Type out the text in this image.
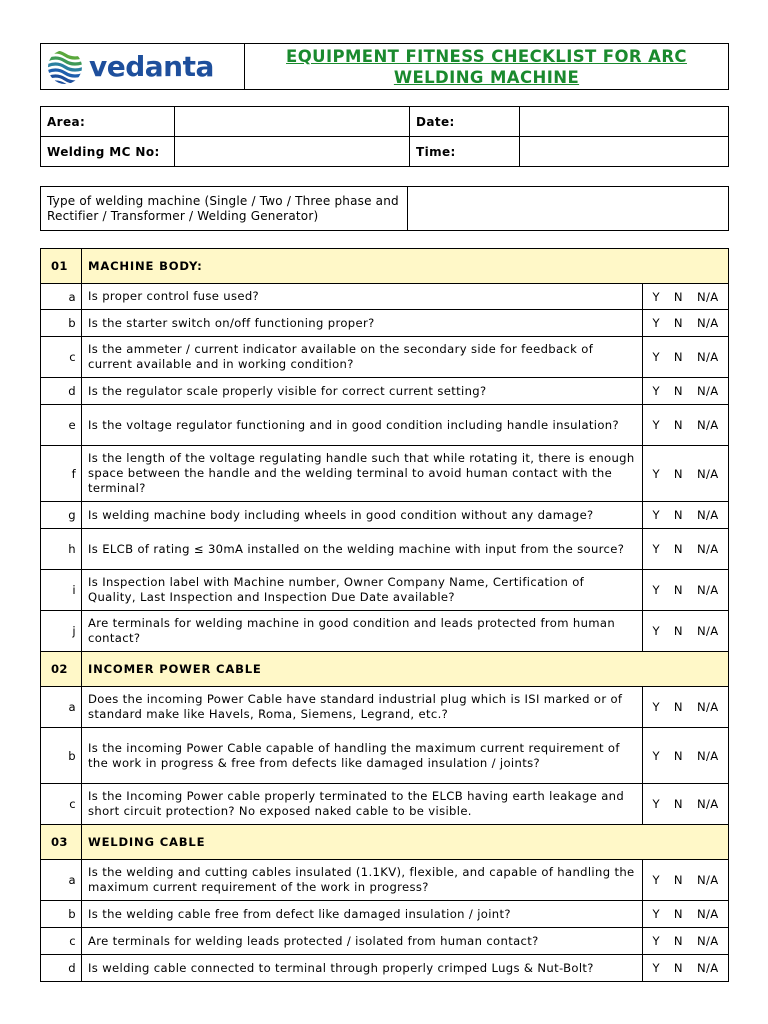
vedanta	EQUIPMENT FITNESS CHECKLIST FOR ARC
WELDING MACHINE
Area:		Date:	
Welding MC No:		Time:	
Type of welding machine (Single / Two / Three phase and Rectifier / Transformer / Welding Generator)	
01	MACHINE BODY:	
a	Is proper control fuse used?	Y N N/A
b	Is the starter switch on/off functioning proper?	Y N N/A
c	Is the ammeter / current indicator available on the secondary side for feedback of current available and in working condition?	Y N N/A
d	Is the regulator scale properly visible for correct current setting?	Y N N/A
e	Is the voltage regulator functioning and in good condition including handle insulation?	Y N N/A
f	Is the length of the voltage regulating handle such that while rotating it, there is enough space between the handle and the welding terminal to avoid human contact with the terminal?	Y N N/A
g	Is welding machine body including wheels in good condition without any damage?	Y N N/A
h	Is ELCB of rating ≤ 30mA installed on the welding machine with input from the source?	Y N N/A
i	Is Inspection label with Machine number, Owner Company Name, Certification of Quality, Last Inspection and Inspection Due Date available?	Y N N/A
j	Are terminals for welding machine in good condition and leads protected from human contact?	Y N N/A
02	INCOMER POWER CABLE	
a	Does the incoming Power Cable have standard industrial plug which is ISI marked or of standard make like Havels, Roma, Siemens, Legrand, etc.?	Y N N/A
b	Is the incoming Power Cable capable of handling the maximum current requirement of the work in progress & free from defects like damaged insulation / joints?	Y N N/A
c	Is the Incoming Power cable properly terminated to the ELCB having earth leakage and short circuit protection? No exposed naked cable to be visible.	Y N N/A
03	WELDING CABLE	
a	Is the welding and cutting cables insulated (1.1KV), flexible, and capable of handling the maximum current requirement of the work in progress?	Y N N/A
b	Is the welding cable free from defect like damaged insulation / joint?	Y N N/A
c	Are terminals for welding leads protected / isolated from human contact?	Y N N/A
d	Is welding cable connected to terminal through properly crimped Lugs & Nut-Bolt?	Y N N/A
